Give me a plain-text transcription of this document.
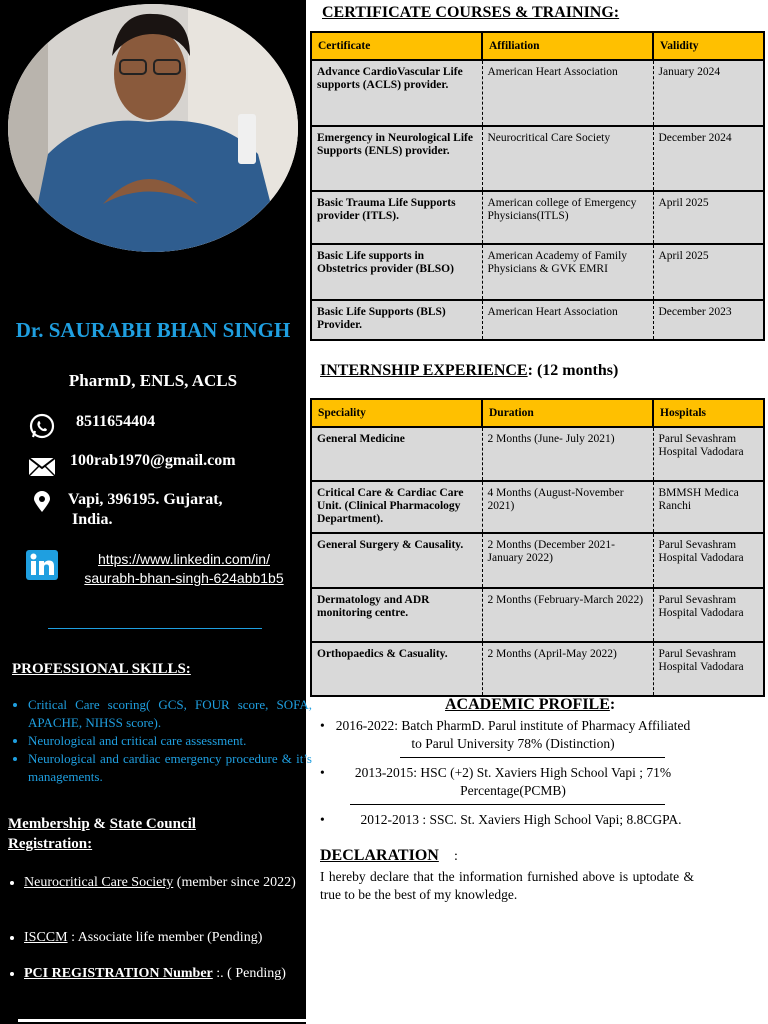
Dr. SAURABH BHAN SINGH
PharmD, ENLS, ACLS
8511654404
100rab1970@gmail.com
Vapi, 396195. Gujarat,
India.
https://www.linkedin.com/in/
saurabh-bhan-singh-624abb1b5
PROFESSIONAL SKILLS:
• Critical Care scoring( GCS, FOUR score, SOFA, APACHE, NIHSS score).
• Neurological and critical care assessment.
• Neurological and cardiac emergency procedure & it’s managements.
Membership & State Council Registration:
• Neurocritical Care Society (member since 2022)
• ISCCM : Associate life member (Pending)
• PCI REGISTRATION Number :. ( Pending)
CERTIFICATE COURSES & TRAINING:
Certificate	Affiliation	Validity
Advance CardioVascular Life supports (ACLS) provider.	American Heart Association	January 2024
Emergency in Neurological Life Supports (ENLS) provider.	Neurocritical Care Society	December 2024
Basic Trauma Life Supports provider (ITLS).	American college of Emergency Physicians(ITLS)	April 2025
Basic Life supports in Obstetrics provider (BLSO)	American Academy of Family Physicians & GVK EMRI	April 2025
Basic Life Supports (BLS) Provider.	American Heart Association	December 2023
INTERNSHIP EXPERIENCE: (12 months)
Speciality	Duration	Hospitals
General Medicine	2 Months (June- July 2021)	Parul Sevashram Hospital Vadodara
Critical Care & Cardiac Care Unit. (Clinical Pharmacology Department).	4 Months (August-November 2021)	BMMSH Medica Ranchi
General Surgery & Causality.	2 Months (December 2021-January 2022)	Parul Sevashram Hospital Vadodara
Dermatology and ADR monitoring centre.	2 Months (February-March 2022)	Parul Sevashram Hospital Vadodara
Orthopaedics & Casuality.	2 Months (April-May 2022)	Parul Sevashram Hospital Vadodara
ACADEMIC PROFILE:
• 2016-2022: Batch PharmD. Parul institute of Pharmacy Affiliated to Parul University 78% (Distinction)
•	2013-2015: HSC (+2) St. Xaviers High School Vapi ; 71% Percentage(PCMB)
•	2012-2013 : SSC. St. Xaviers High School Vapi; 8.8CGPA.
DECLARATION :
I hereby declare that the information furnished above is uptodate & true to be the best of my knowledge.
